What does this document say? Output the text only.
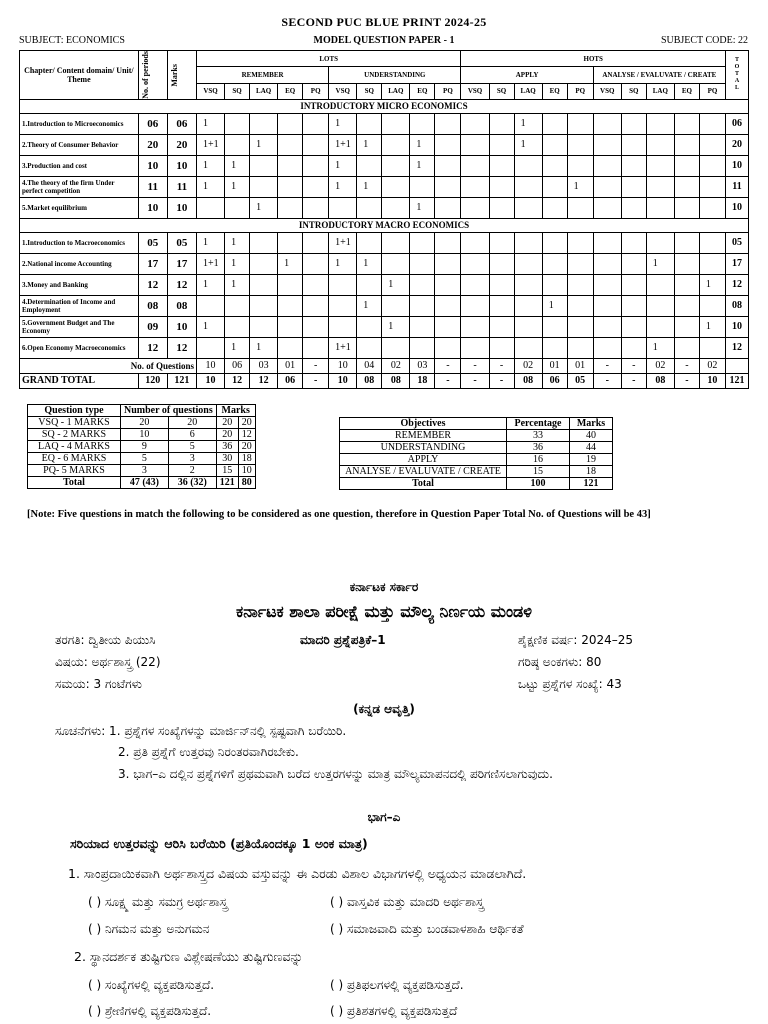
SECOND PUC BLUE PRINT 2024-25
SUBJECT: ECONOMICS	MODEL QUESTION PAPER - 1	SUBJECT CODE: 22
Chapter/ Content domain/ Unit/ Theme	No. of periods	Marks	LOTS										HOTS										T
O
T
A
L
			REMEMBER					UNDERSTANDING					APPLY					ANALYSE / EVALUVATE / CREATE					
			VSQ	SQ	LAQ	EQ	PQ	VSQ	SQ	LAQ	EQ	PQ	VSQ	SQ	LAQ	EQ	PQ	VSQ	SQ	LAQ	EQ	PQ	
INTRODUCTORY MICRO ECONOMICS																							
1.Introduction to Microeconomics	06	06	1					1							1								06
2.Theory of Consumer Behavior	20	20	1+1		1			1+1	1		1				1								20
3.Production and cost	10	10	1	1				1			1												10
4.The theory of the firm Under perfect competition	11	11	1	1				1	1								1						11
5.Market equilibrium	10	10			1						1												10
INTRODUCTORY MACRO ECONOMICS																							
1.Introduction to Macroeconomics	05	05	1	1				1+1															05
2.National income Accounting	17	17	1+1	1		1		1	1											1			17
3.Money and Banking	12	12	1	1						1												1	12
4.Determination of Income and Employment	08	08							1							1							08
5.Government Budget and The Economy	09	10	1							1												1	10
6.Open Economy Macroeconomics	12	12		1	1			1+1												1			12
No. of Questions			10	06	03	01	-	10	04	02	03	-	-	-	02	01	01	-	-	02	-	02	
GRAND TOTAL	120	121	10	12	12	06	-	10	08	08	18	-	-	-	08	06	05	-	-	08	-	10	121
Question type	Number of questions		Marks	
VSQ - 1 MARKS	20	20	20	20
SQ - 2 MARKS	10	6	20	12
LAQ - 4 MARKS	9	5	36	20
EQ - 6 MARKS	5	3	30	18
PQ- 5 MARKS	3	2	15	10
Total	47 (43)	36 (32)	121	80
Objectives	Percentage	Marks
REMEMBER	33	40
UNDERSTANDING	36	44
APPLY	16	19
ANALYSE / EVALUVATE / CREATE	15	18
Total	100	121
[Note: Five questions in match the following to be considered as one question, therefore in Question Paper Total No. of Questions will be 43]
ಕರ್ನಾಟಕ ಸರ್ಕಾರ
ಕರ್ನಾಟಕ ಶಾಲಾ ಪರೀಕ್ಷೆ ಮತ್ತು ಮೌಲ್ಯ ನಿರ್ಣಯ ಮಂಡಳಿ
ತರಗತಿ: ದ್ವಿತೀಯ ಪಿಯುಸಿ	ಮಾದರಿ ಪ್ರಶ್ನೆಪತ್ರಿಕೆ–1	ಶೈಕ್ಷಣಿಕ ವರ್ಷ: 2024–25
ವಿಷಯ: ಅರ್ಥಶಾಸ್ತ್ರ (22)	ಗರಿಷ್ಠ ಅಂಕಗಳು: 80
ಸಮಯ: 3 ಗಂಟೆಗಳು	ಒಟ್ಟು ಪ್ರಶ್ನೆಗಳ ಸಂಖ್ಯೆ: 43
(ಕನ್ನಡ ಆವೃತ್ತಿ)
ಸೂಚನೆಗಳು: 1. ಪ್ರಶ್ನೆಗಳ ಸಂಖ್ಯೆಗಳನ್ನು ಮಾರ್ಜಿನ್‌ನಲ್ಲಿ ಸ್ಪಷ್ಟವಾಗಿ ಬರೆಯಿರಿ.
2. ಪ್ರತಿ ಪ್ರಶ್ನೆಗೆ ಉತ್ತರವು ನಿರಂತರವಾಗಿರಬೇಕು.
3. ಭಾಗ–ಎ ದಲ್ಲಿನ ಪ್ರಶ್ನೆಗಳಿಗೆ ಪ್ರಥಮವಾಗಿ ಬರೆದ ಉತ್ತರಗಳನ್ನು ಮಾತ್ರ ಮೌಲ್ಯಮಾಪನದಲ್ಲಿ ಪರಿಗಣಿಸಲಾಗುವುದು.
ಭಾಗ–ಎ
ಸರಿಯಾದ ಉತ್ತರವನ್ನು ಆರಿಸಿ ಬರೆಯಿರಿ (ಪ್ರತಿಯೊಂದಕ್ಕೂ 1 ಅಂಕ ಮಾತ್ರ)
1. ಸಾಂಪ್ರದಾಯಿಕವಾಗಿ ಅರ್ಥಶಾಸ್ತ್ರದ ವಿಷಯ ವಸ್ತುವನ್ನು ಈ ಎರಡು ವಿಶಾಲ ವಿಭಾಗಗಳಲ್ಲಿ ಅಧ್ಯಯನ ಮಾಡಲಾಗಿದೆ.
( ) ಸೂಕ್ಷ್ಮ ಮತ್ತು ಸಮಗ್ರ ಅರ್ಥಶಾಸ್ತ್ರ	( ) ವಾಸ್ತವಿಕ ಮತ್ತು ಮಾದರಿ ಅರ್ಥಶಾಸ್ತ್ರ
( ) ನಿಗಮನ ಮತ್ತು ಅನುಗಮನ	( ) ಸಮಾಜವಾದಿ ಮತ್ತು ಬಂಡವಾಳಶಾಹಿ ಆರ್ಥಿಕತೆ
2. ಸ್ಥಾನದರ್ಶಕ ತುಷ್ಟಿಗುಣ ವಿಶ್ಲೇಷಣೆಯು ತುಷ್ಟಿಗುಣವನ್ನು
( ) ಸಂಖ್ಯೆಗಳಲ್ಲಿ ವ್ಯಕ್ತಪಡಿಸುತ್ತದೆ.	( ) ಪ್ರತಿಫಲಗಳಲ್ಲಿ ವ್ಯಕ್ತಪಡಿಸುತ್ತದೆ.
( ) ಶ್ರೇಣಿಗಳಲ್ಲಿ ವ್ಯಕ್ತಪಡಿಸುತ್ತದೆ.	( ) ಪ್ರತಿಶತಗಳಲ್ಲಿ ವ್ಯಕ್ತಪಡಿಸುತ್ತದೆ
